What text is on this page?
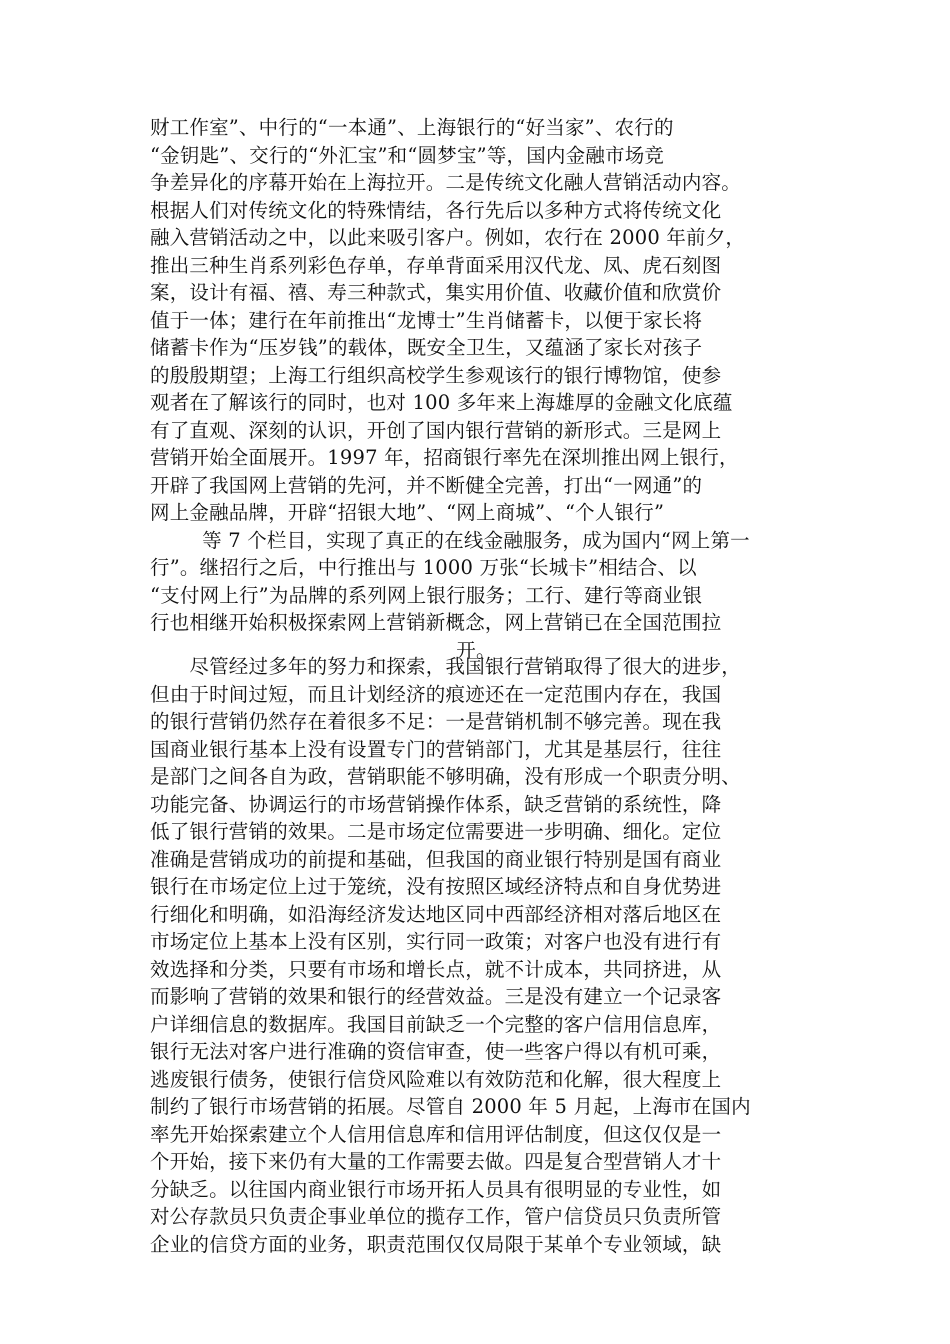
财工作室”、中行的“一本通”、上海银行的“好当家”、农行的
“金钥匙”、交行的“外汇宝”和“圆梦宝”等，国内金融市场竞
争差异化的序幕开始在上海拉开。二是传统文化融人营销活动内容。
根据人们对传统文化的特殊情结，各行先后以多种方式将传统文化
融入营销活动之中，以此来吸引客户。例如，农行在 2000 年前夕，
推出三种生肖系列彩色存单，存单背面采用汉代龙、凤、虎石刻图
案，设计有福、禧、寿三种款式，集实用价值、收藏价值和欣赏价
值于一体；建行在年前推出“龙博士”生肖储蓄卡，以便于家长将
储蓄卡作为“压岁钱”的载体，既安全卫生，又蕴涵了家长对孩子
的殷殷期望；上海工行组织高校学生参观该行的银行博物馆，使参
观者在了解该行的同时，也对 100 多年来上海雄厚的金融文化底蕴
有了直观、深刻的认识，开创了国内银行营销的新形式。三是网上
营销开始全面展开。1997 年，招商银行率先在深圳推出网上银行，
开辟了我国网上营销的先河，并不断健全完善，打出“一网通”的
网上金融品牌，开辟“招银大地”、“网上商城”、“个人银行”
等 7 个栏目，实现了真正的在线金融服务，成为国内“网上第一
行”。继招行之后，中行推出与 1000 万张“长城卡”相结合、以
“支付网上行”为品牌的系列网上银行服务；工行、建行等商业银
行也相继开始积极探索网上营销新概念，网上营销已在全国范围拉
开。
　　尽管经过多年的努力和探索，我国银行营销取得了很大的进步，
但由于时间过短，而且计划经济的痕迹还在一定范围内存在，我国
的银行营销仍然存在着很多不足：一是营销机制不够完善。现在我
国商业银行基本上没有设置专门的营销部门，尤其是基层行，往往
是部门之间各自为政，营销职能不够明确，没有形成一个职责分明、
功能完备、协调运行的市场营销操作体系，缺乏营销的系统性，降
低了银行营销的效果。二是市场定位需要进一步明确、细化。定位
准确是营销成功的前提和基础，但我国的商业银行特别是国有商业
银行在市场定位上过于笼统，没有按照区域经济特点和自身优势进
行细化和明确，如沿海经济发达地区同中西部经济相对落后地区在
市场定位上基本上没有区别，实行同一政策；对客户也没有进行有
效选择和分类，只要有市场和增长点，就不计成本，共同挤进，从
而影响了营销的效果和银行的经营效益。三是没有建立一个记录客
户详细信息的数据库。我国目前缺乏一个完整的客户信用信息库，
银行无法对客户进行准确的资信审查，使一些客户得以有机可乘，
逃废银行债务，使银行信贷风险难以有效防范和化解，很大程度上
制约了银行市场营销的拓展。尽管自 2000 年 5 月起，上海市在国内
率先开始探索建立个人信用信息库和信用评估制度，但这仅仅是一
个开始，接下来仍有大量的工作需要去做。四是复合型营销人才十
分缺乏。以往国内商业银行市场开拓人员具有很明显的专业性，如
对公存款员只负责企事业单位的揽存工作，管户信贷员只负责所管
企业的信贷方面的业务，职责范围仅仅局限于某单个专业领域，缺
